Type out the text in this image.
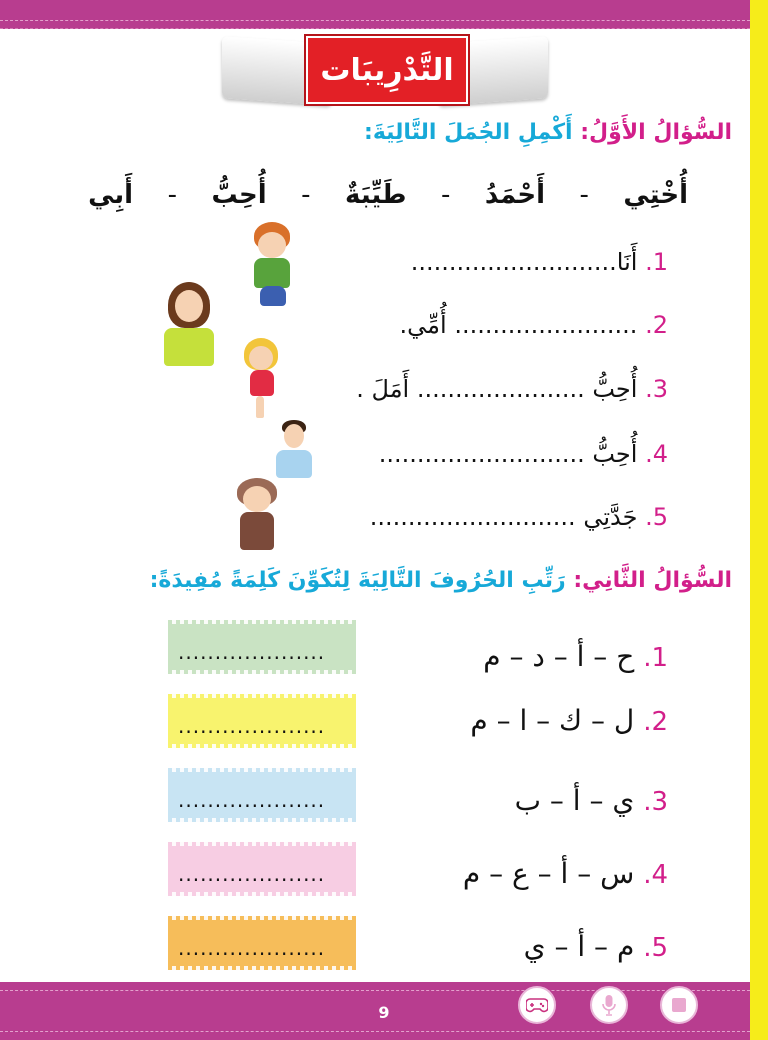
التَّدْرِيبَات
السُّؤالُ الأَوَّلُ: أَكْمِلِ الجُمَلَ التَّالِيَةَ:
أُخْتِي
-
أَحْمَدُ
-
طَيِّبَةٌ
-
أُحِبُّ
-
أَبِي
1. أَنَا...........................
2. ........................ أُمِّي.
3. أُحِبُّ ...................... أَمَلَ .
4. أُحِبُّ ...........................
5. جَدَّتِي ...........................
السُّؤالُ الثَّانِي: رَتِّبِ الحُرُوفَ التَّالِيَةَ لِتُكَوِّنَ كَلِمَةً مُفِيدَةً:
....................
....................
....................
....................
....................
1. ح – أ – د – م
2. ل – ك – ا – م
3. ي – أ – ب
4. س – أ – ع – م
5. م – أ – ي
9
